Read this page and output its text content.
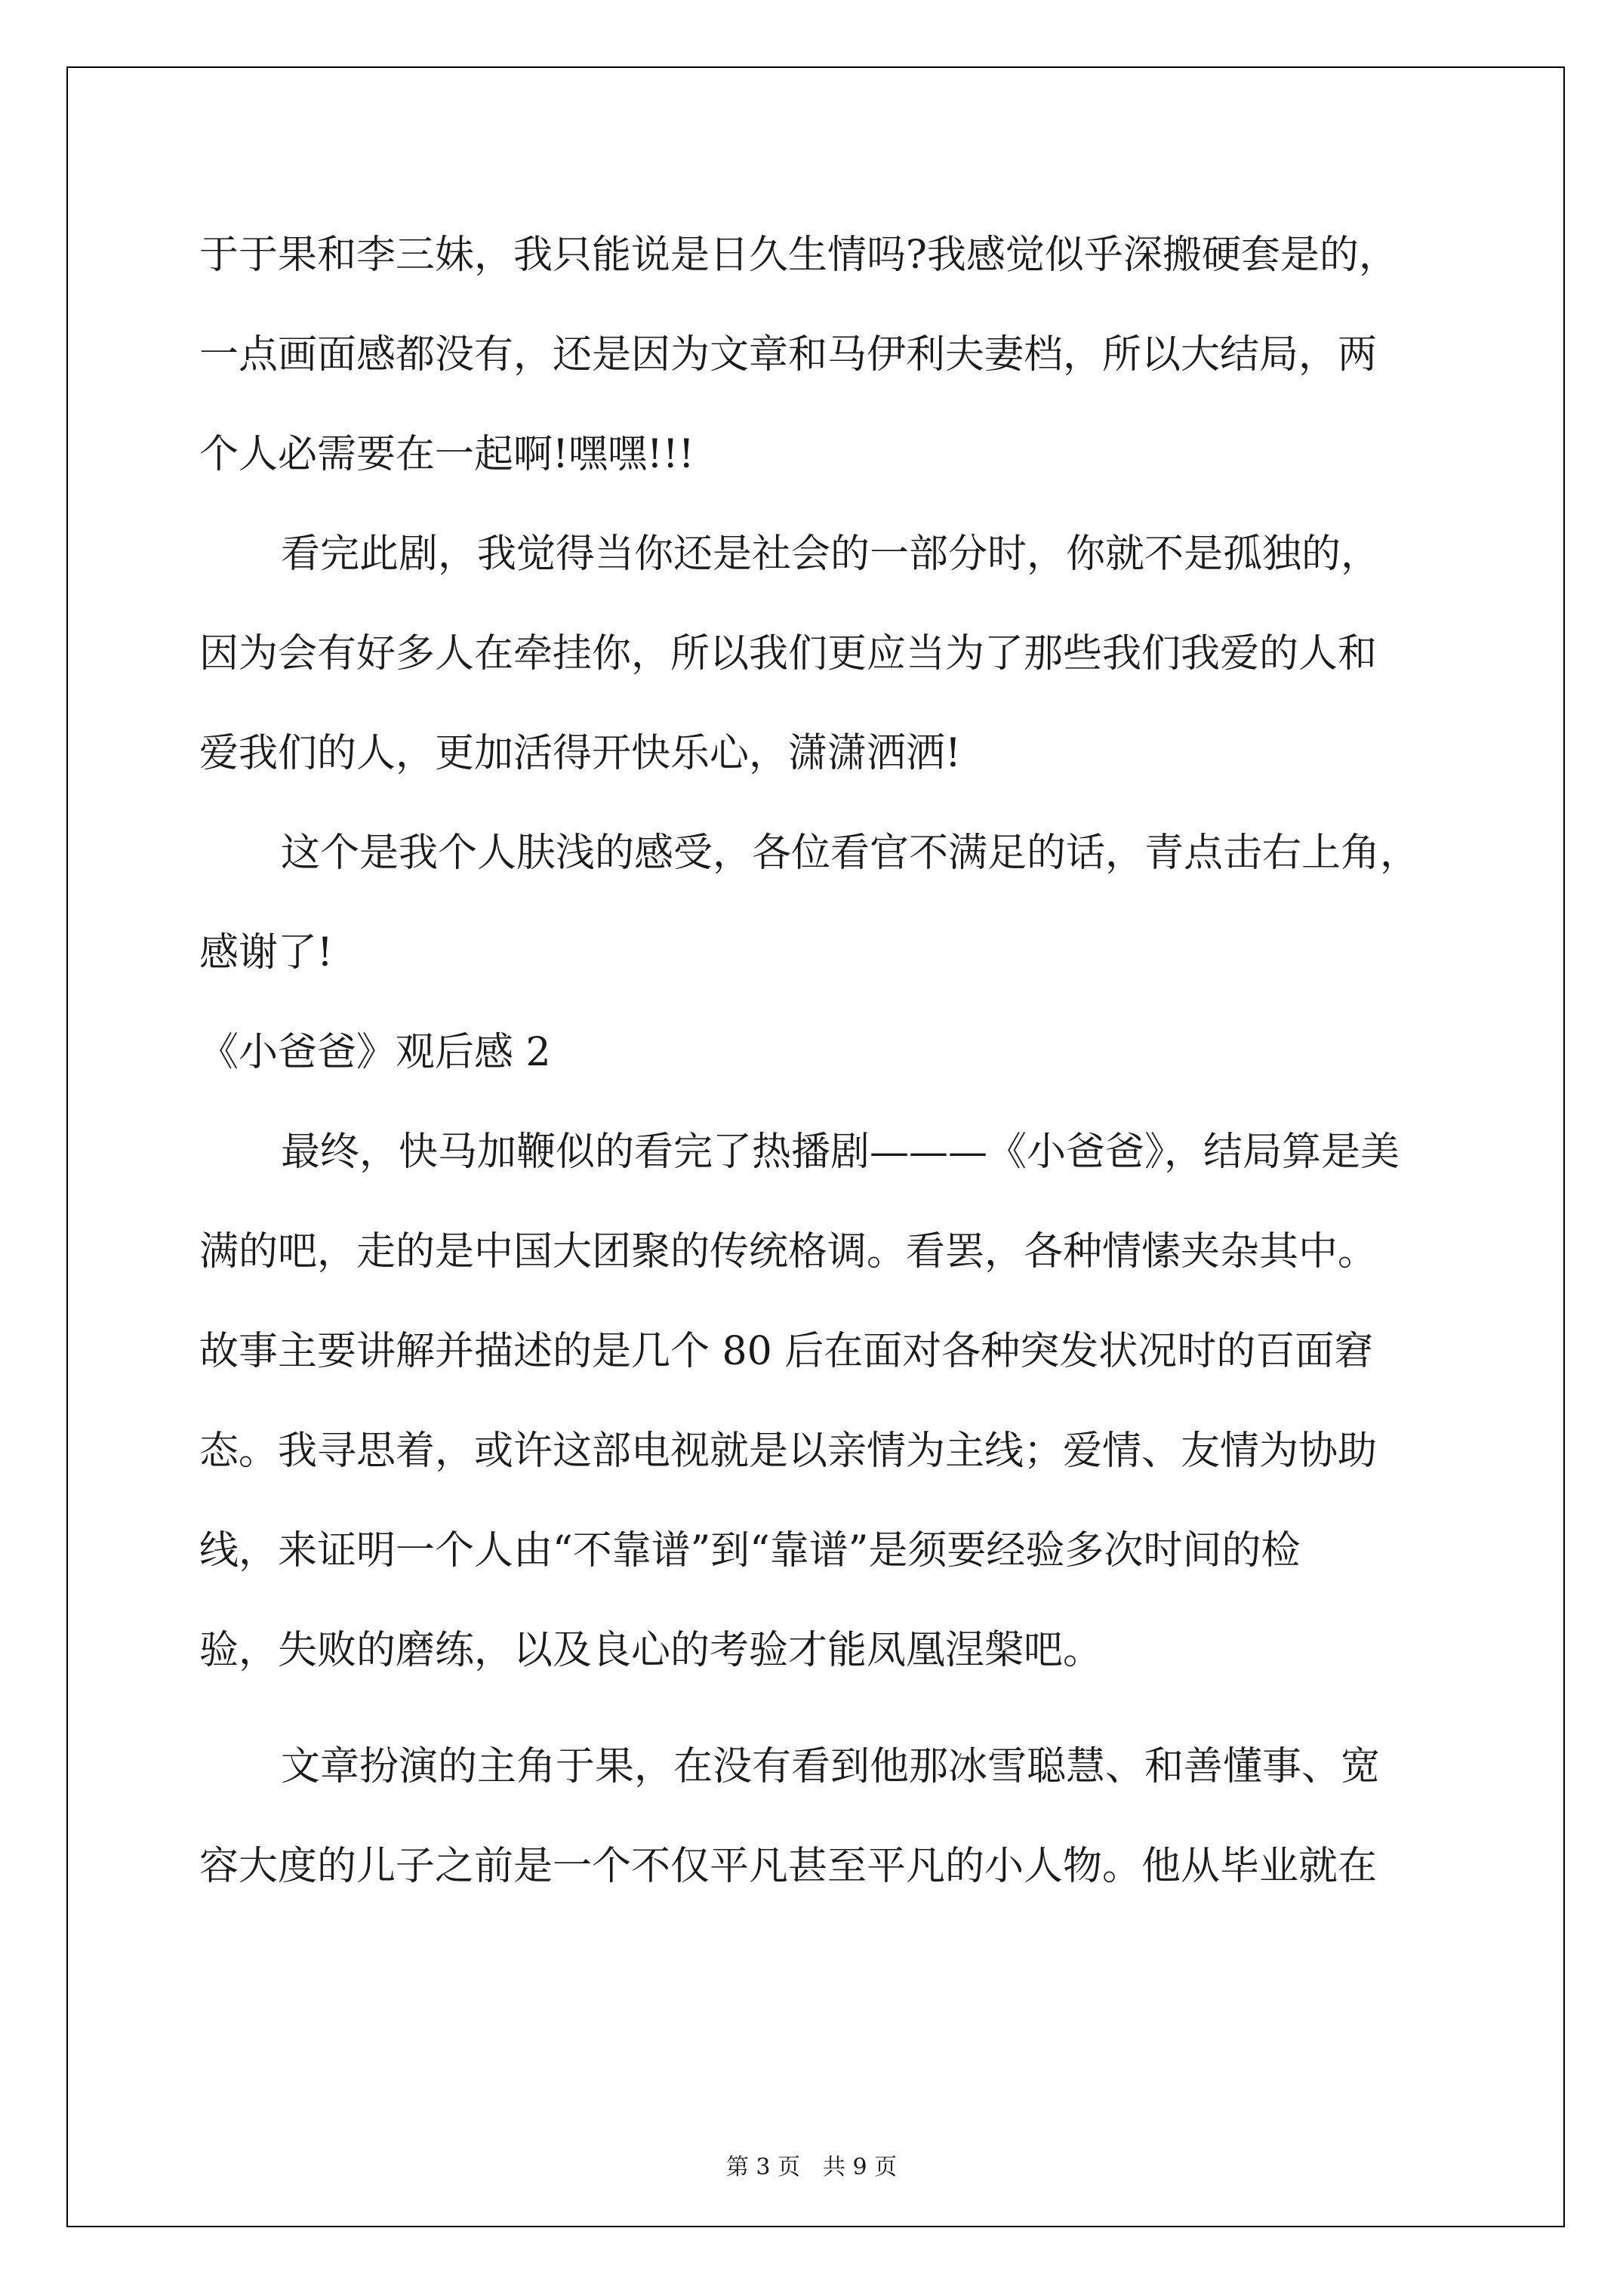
于于果和李三妹，我只能说是日久生情吗?我感觉似乎深搬硬套是的，
一点画面感都没有，还是因为文章和马伊利夫妻档，所以大结局，两
个人必需要在一起啊!嘿嘿!!!
看完此剧，我觉得当你还是社会的一部分时，你就不是孤独的，
因为会有好多人在牵挂你，所以我们更应当为了那些我们我爱的人和
爱我们的人，更加活得开快乐心，潇潇洒洒!
这个是我个人肤浅的感受，各位看官不满足的话，青点击右上角，
感谢了!
《小爸爸》观后感 2
最终，快马加鞭似的看完了热播剧———《小爸爸》，结局算是美
满的吧，走的是中国大团聚的传统格调。看罢，各种情愫夹杂其中。
故事主要讲解并描述的是几个 80 后在面对各种突发状况时的百面窘
态。我寻思着，或许这部电视就是以亲情为主线；爱情、友情为协助
线，来证明一个人由“不靠谱”到“靠谱”是须要经验多次时间的检
验，失败的磨练，以及良心的考验才能凤凰涅槃吧。
文章扮演的主角于果，在没有看到他那冰雪聪慧、和善懂事、宽
容大度的儿子之前是一个不仅平凡甚至平凡的小人物。他从毕业就在
第 3 页　共 9 页
